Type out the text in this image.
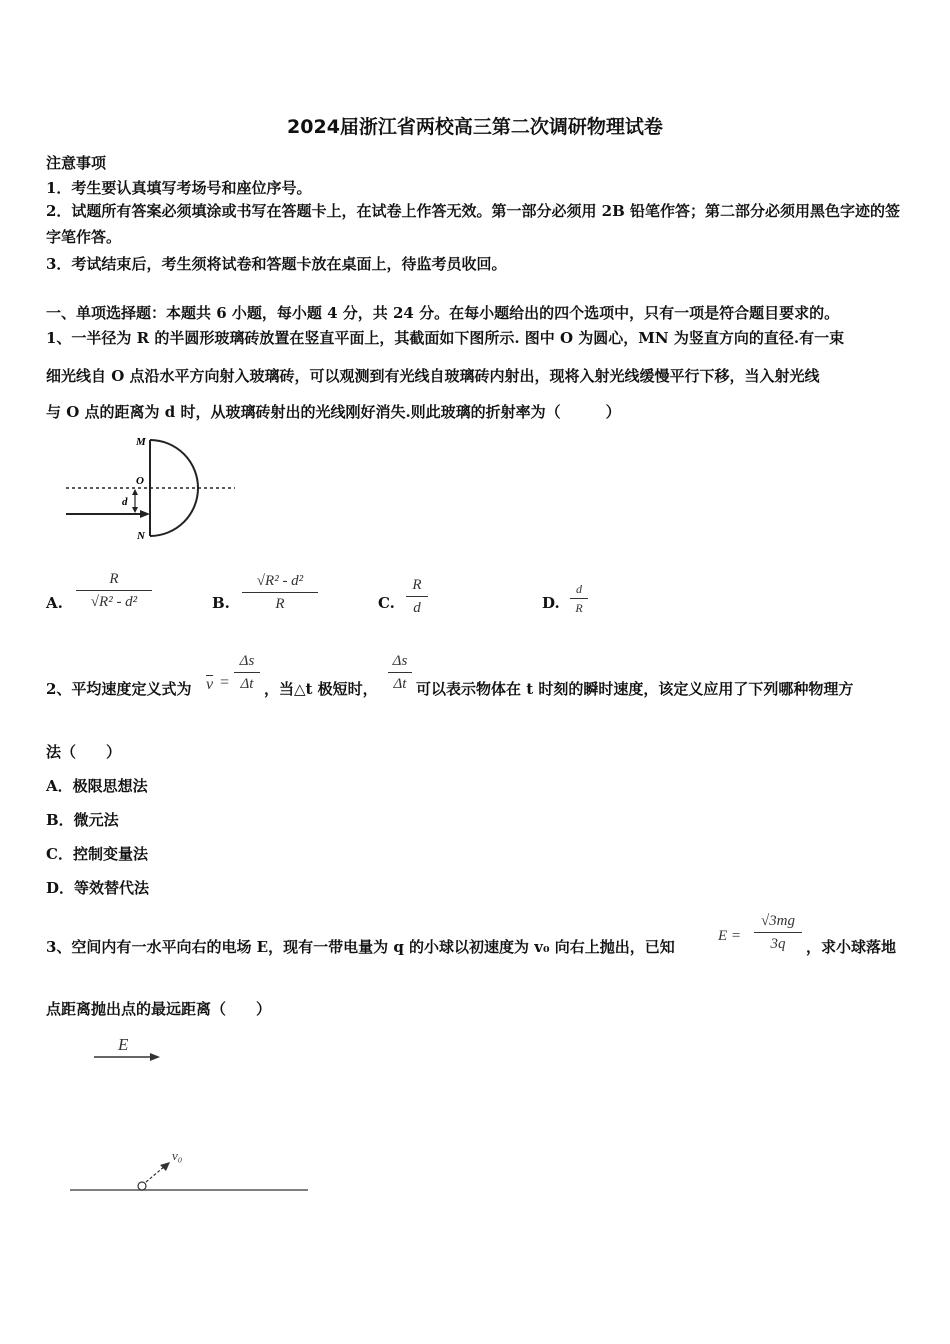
2024届浙江省两校高三第二次调研物理试卷
注意事项
1．考生要认真填写考场号和座位序号。
2．试题所有答案必须填涂或书写在答题卡上，在试卷上作答无效。第一部分必须用 2B 铅笔作答；第二部分必须用黑色字迹的签字笔作答。
3．考试结束后，考生须将试卷和答题卡放在桌面上，待监考员收回。
一、单项选择题：本题共 6 小题，每小题 4 分，共 24 分。在每小题给出的四个选项中，只有一项是符合题目要求的。
1、一半径为 R 的半圆形玻璃砖放置在竖直平面上，其截面如下图所示. 图中 O 为圆心，MN 为竖直方向的直径.有一束
细光线自 O 点沿水平方向射入玻璃砖，可以观测到有光线自玻璃砖内射出，现将入射光线缓慢平行下移，当入射光线
与 O 点的距离为 d 时，从玻璃砖射出的光线刚好消失.则此玻璃的折射率为（　　　）
M
O
N
d
A.
R
√R² - d²	B.
√R² - d²
R	C.
R
d	D.
d
R
2、平均速度定义式为 $\overline{v}$ =
Δs
Δt ，当△t 极短时，
Δs
Δt 可以表示物体在 t 时刻的瞬时速度，该定义应用了下列哪种物理方
法（　　）
A．极限思想法
B．微元法
C．控制变量法
D．等效替代法
3、空间内有一水平向右的电场 E，现有一带电量为 q 的小球以初速度为 v₀ 向右上抛出，已知
E =
√3mg
3q	，求小球落地
点距离抛出点的最远距离（　　）
E
v₀
